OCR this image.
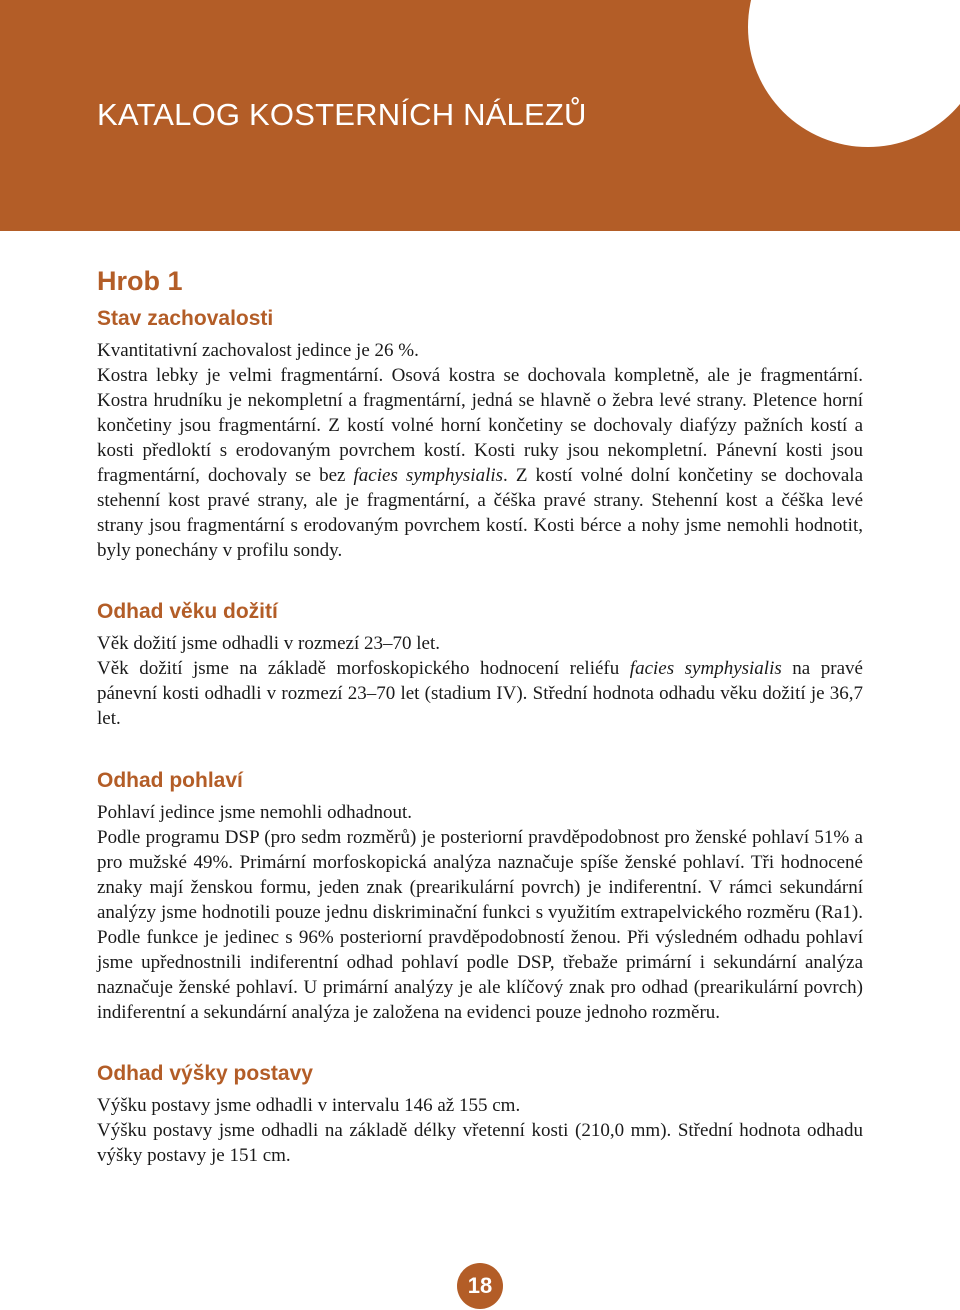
KATALOG KOSTERNÍCH NÁLEZŮ
Hrob 1
Stav zachovalosti

Kvantitativní zachovalost jedince je 26 %.

Kostra lebky je velmi fragmentární. Osová kostra se dochovala kompletně, ale je fragmentární. Kostra hrudníku je nekompletní a fragmentární, jedná se hlavně o žebra levé strany. Pletence horní končetiny jsou fragmentární. Z kostí volné horní končetiny se dochovaly diafýzy pažních kostí a kosti předloktí s erodovaným povrchem kostí. Kosti ruky jsou nekompletní. Pánevní kosti jsou fragmentární, dochovaly se bez facies symphysialis. Z kostí volné dolní končetiny se dochovala stehenní kost pravé strany, ale je fragmentární, a čéška pravé strany. Stehenní kost a čéška levé strany jsou fragmentární s erodovaným povrchem kostí. Kosti bérce a nohy jsme nemohli hodnotit, byly ponechány v profilu sondy.

Odhad věku dožití

Věk dožití jsme odhadli v rozmezí 23–70 let.

Věk dožití jsme na základě morfoskopického hodnocení reliéfu facies symphysialis na pravé pánevní kosti odhadli v rozmezí 23–70 let (stadium IV). Střední hodnota odhadu věku dožití je 36,7 let.

Odhad pohlaví

Pohlaví jedince jsme nemohli odhadnout.

Podle programu DSP (pro sedm rozměrů) je posteriorní pravděpodobnost pro ženské pohlaví 51% a pro mužské 49%. Primární morfoskopická analýza naznačuje spíše ženské pohlaví. Tři hodnocené znaky mají ženskou formu, jeden znak (prearikulární povrch) je indiferentní. V rámci sekundární analýzy jsme hodnotili pouze jednu diskriminační funkci s využitím extrapelvického rozměru (Ra1). Podle funkce je jedinec s 96% posteriorní pravděpodobností ženou. Při výsledném odhadu pohlaví jsme upřednostnili indiferentní odhad pohlaví podle DSP, třebaže primární i sekundární analýza naznačuje ženské pohlaví. U primární analýzy je ale klíčový znak pro odhad (prearikulární povrch) indiferentní a sekundární analýza je založena na evidenci pouze jednoho rozměru.

Odhad výšky postavy

Výšku postavy jsme odhadli v intervalu 146 až 155 cm.

Výšku postavy jsme odhadli na základě délky vřetenní kosti (210,0 mm). Střední hodnota odhadu výšky postavy je 151 cm.

18
